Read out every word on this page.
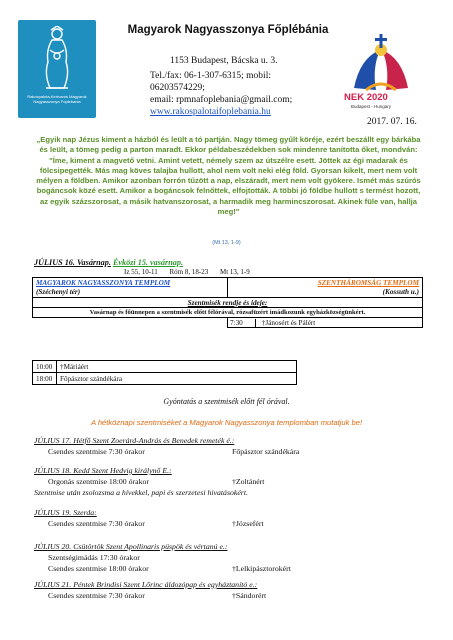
Rakospalota-Kertvaros Magyarok Nagyasszonya Foplebania
Magyarok Nagyasszonya Főplébánia
1153 Budapest, Bácska u. 3.
Tel./fax: 06-1-307-6315; mobil:
06203574229;
email: rpmnafoplebania@gmail.com;
www.rakospalotaifoplebania.hu
NEK 2020
Budapest - Hungary
2017. 07. 16.
„Egyik nap Jézus kiment a házból és leült a tó partján. Nagy tömeg gyűlt köréje, ezért beszállt egy bárkába és leült, a tömeg pedig a parton maradt. Ekkor példabeszédekben sok mindenre tanította őket, mondván: "Íme, kiment a magvető vetni. Amint vetett, némely szem az útszélre esett. Jöttek az égi madarak és fölcsipegették. Más mag köves talajba hullott, ahol nem volt neki elég föld. Gyorsan kikelt, mert nem volt mélyen a földben. Amikor azonban forrón tűzött a nap, elszáradt, mert nem volt gyökere. Ismét más szúrós bogáncsok közé esett. Amikor a bogáncsok felnőttek, elfojtották. A többi jó földbe hullott s termést hozott, az egyik százszorosat, a másik hatvanszorosat, a harmadik meg harmincszorosat. Akinek füle van, hallja meg!"
(Mt 13, 1-9)
JÚLIUS 16. Vasárnap. Évközi 15. vasárnap.
Iz 55, 10-11 Róm 8, 18-23 Mt 13, 1-9
MAGYAROK NAGYASSZONYA TEMPLOM	SZENTHÁROMSÁG TEMPLOM
(Széchenyi tér)	(Kossuth u.)
Szentmisék rendje és ideje:	
Vasárnap és főünnepen a szentmisék előtt félórával, rózsafüzért imádkozunk egyházközségünkért.	
	7:30 †Jánosért és Pálért
10:00	†Máriáért
18:00	Főpásztor szándékára
Gyóntatás a szentmisék előtt fél órával.
A hétköznapi szentmiséket a Magyarok Nagyasszonya templomban mutatjuk be!
JÚLIUS 17. Hétfő Szent Zoerárd-András és Benedek remeték é.:
Csendes szentmise 7:30 órakor	Főpásztor szándékára
JÚLIUS 18. Kedd Szent Hedvig királynő E.:
Orgonás szentmise 18:00 órakor	†Zoltánért
Szentmise után zsolozsma a hívekkel, papi és szerzetesi hivatásokért.
JÚLIUS 19. Szerda:
Csendes szentmise 7:30 órakor	†Józsefért
JÚLIUS 20. Csütörtök Szent Apollinaris püspök és vértanú e.:
Szentségimádás 17:30 órakor
Csendes szentmise 18:00 órakor	†Lelkipásztorokért
JÚLIUS 21. Péntek Brindisi Szent Lőrinc áldozópap és egyháztanító e.:
Csendes szentmise 7:30 órakor	†Sándorért
